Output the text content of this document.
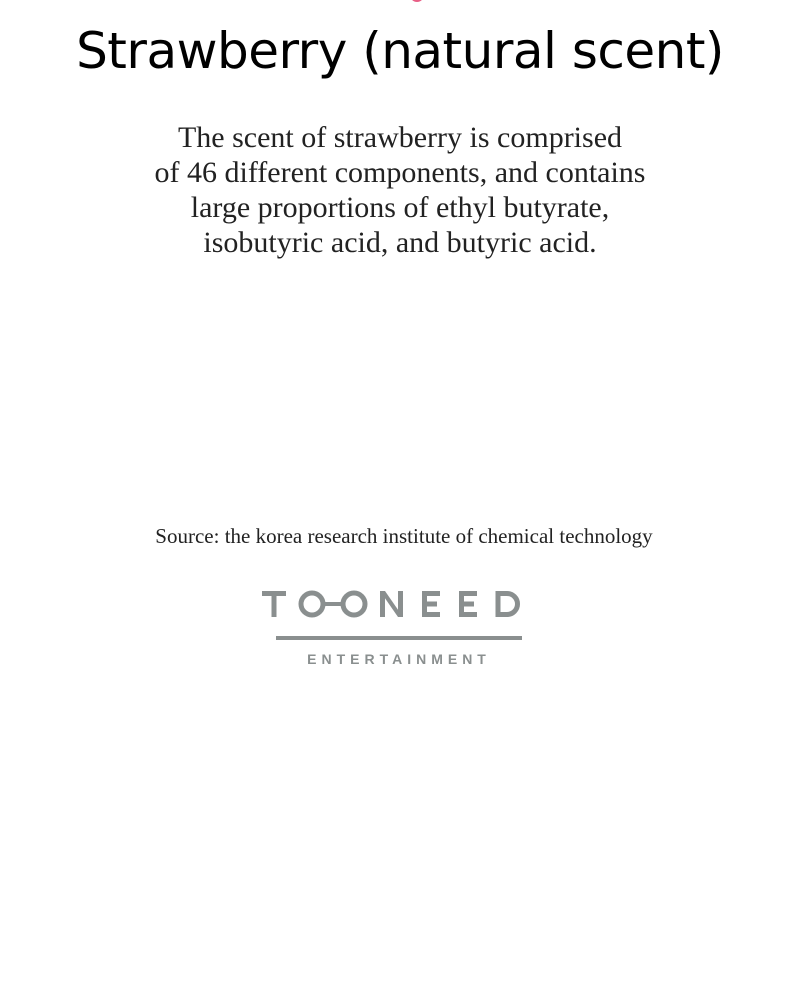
Strawberry (natural scent)
The scent of strawberry is comprised
of 46 different components, and contains
large proportions of ethyl butyrate,
isobutyric acid, and butyric acid.
Source: the korea research institute of chemical technology
ENTERTAINMENT
